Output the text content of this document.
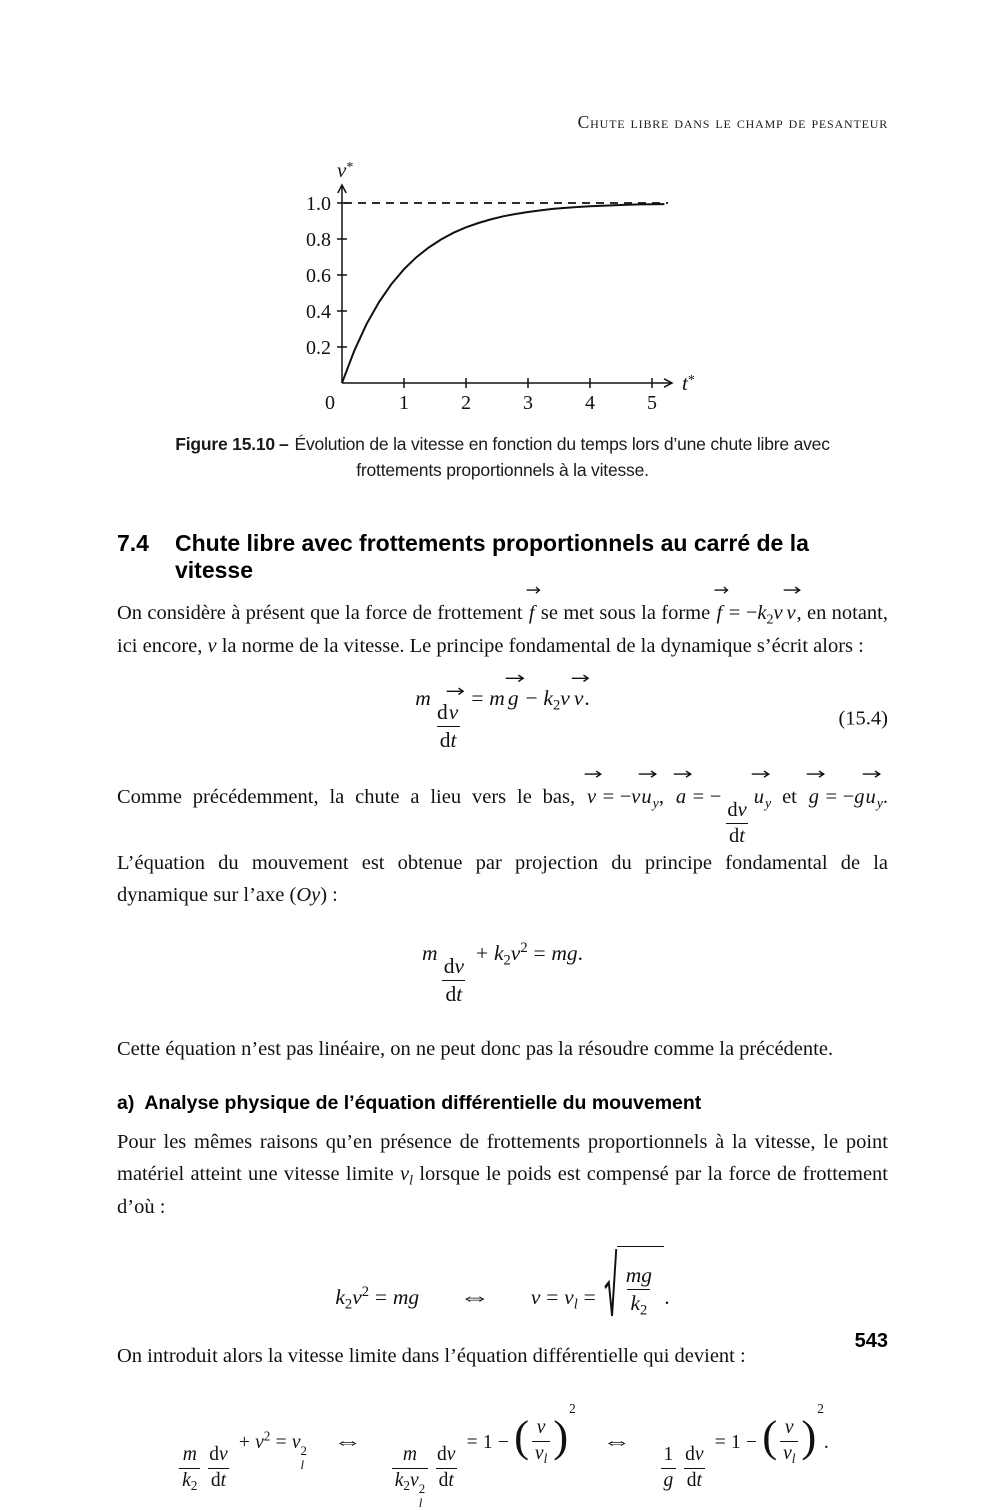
Chute libre dans le champ de pesanteur
0	1	2	3	4	5
0.2
0.4
0.6
0.8
1.0
v*
t*
Figure 15.10 – Évolution de la vitesse en fonction du temps lors d’une chute libre avec frottements proportionnels à la vitesse.
7.4 Chute libre avec frottements proportionnels au carré de la vitesse

On considère à présent que la force de frottement f
se met sous la forme $f = -k_2v$ v
, en notant, ici encore, v la norme de la vitesse. Le principe fondamental de la dynamique s’écrit alors :

m
$\frac{dv}{dt}$
= m $g - k_2v$ v
.
(15.4)

Comme précédemment, la chute a lieu vers le bas, v = −vu
$_y$, a = −
$\frac{dv}{dt}$
u
$_y$ et g = −gu
$_y$. L’équation du mouvement est obtenue par projection du principe fondamental de la dynamique sur l’axe (Oy) :

m
$\frac{dv}{dt}$
+ $k_2v^2$ = mg.

Cette équation n’est pas linéaire, on ne peut donc pas la résoudre comme la précédente.

a) Analyse physique de l’équation différentielle du mouvement

Pour les mêmes raisons qu’en présence de frottements proportionnels à la vitesse, le point matériel atteint une vitesse limite $v_l$ lorsque le poids est compensé par la force de frottement d’où :

$k_2v^2$ = mg ⇔ $v = v_l = \frac{mg}{k_2}$ .

On introduit alors la vitesse limite dans l’équation différentielle qui devient :

$\frac{m}{k_2} \frac{dv}{dt}$
+ $v^2 = v$ 2
l
⇔
m
$k_2v$ 2
l $\frac{dv}{dt}$
= 1 − ( $\frac{v}{v_l}$ )
2
⇔
$\frac{1}{g} \frac{dv}{dt}$
= 1 − ( $\frac{v}{v_l}$ )
2
.
543
